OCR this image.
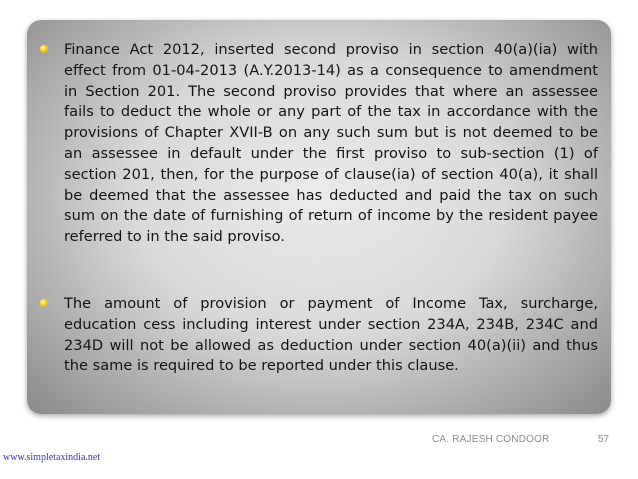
Finance Act 2012, inserted second proviso in section 40(a)(ia) with effect from 01-04-2013 (A.Y.2013-14) as a consequence to amendment in Section 201. The second proviso provides that where an assessee fails to deduct the whole or any part of the tax in accordance with the provisions of Chapter XVII-B on any such sum but is not deemed to be an assessee in default under the first proviso to sub-section (1) of section 201, then, for the purpose of clause(ia) of section 40(a), it shall be deemed that the assessee has deducted and paid the tax on such sum on the date of furnishing of return of income by the resident payee referred to in the said proviso.

The amount of provision or payment of Income Tax, surcharge, education cess including interest under section 234A, 234B, 234C and 234D will not be allowed as deduction under section 40(a)(ii) and thus the same is required to be reported under this clause.

CA. RAJESH CONDOOR	57
www.simpletaxindia.net
